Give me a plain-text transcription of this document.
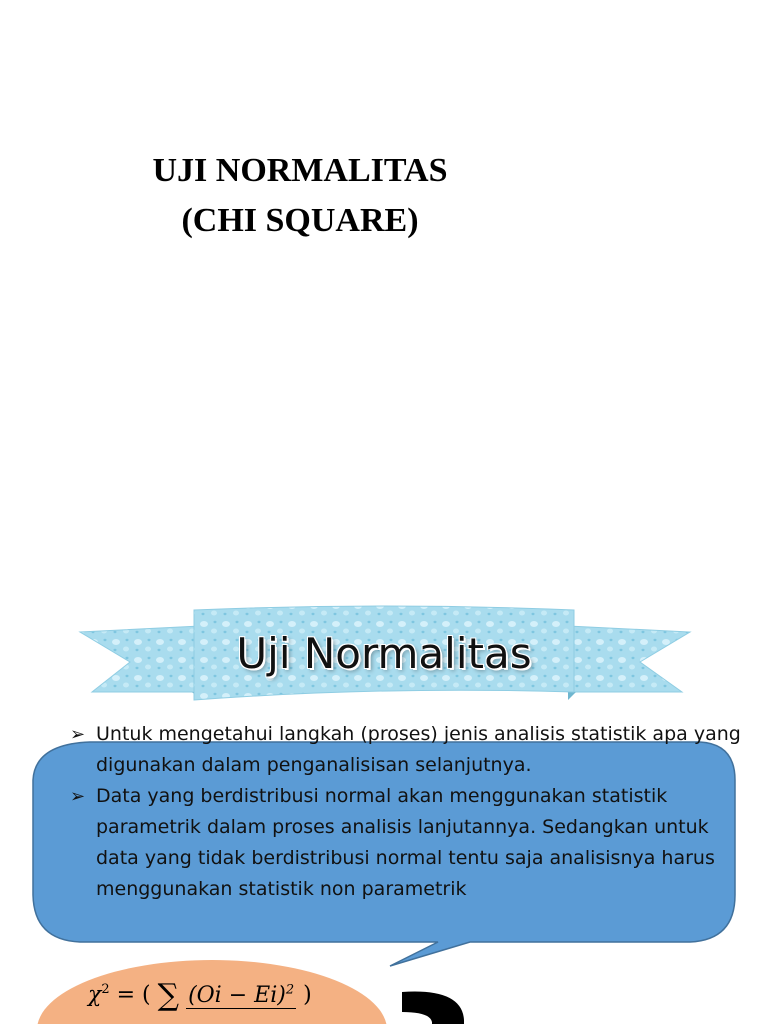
UJI NORMALITAS
(CHI SQUARE)
Uji Normalitas
➢ Untuk mengetahui langkah (proses) jenis analisis statistik apa yang digunakan dalam penganalisisan selanjutnya.
➢ Data yang berdistribusi normal akan menggunakan statistik parametrik dalam proses analisis lanjutannya. Sedangkan untuk data yang tidak berdistribusi normal tentu saja analisisnya harus menggunakan statistik non parametrik
$\chi^2$ = ( ∑ $(Oi - Ei)^2$ )
